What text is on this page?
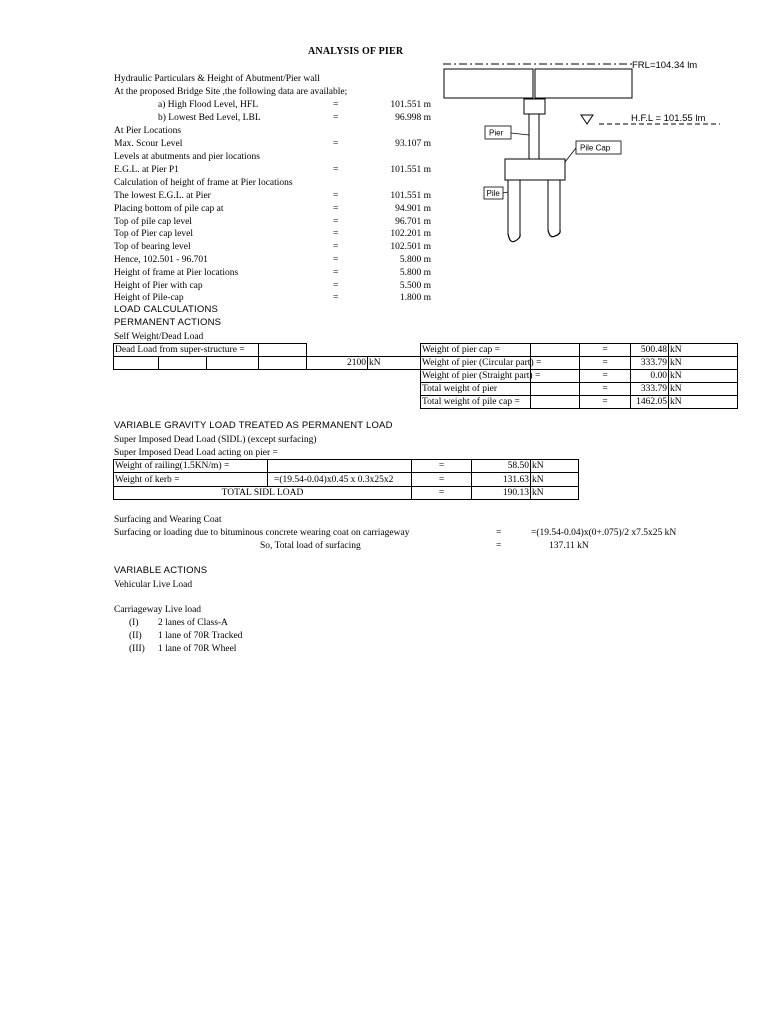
ANALYSIS OF PIER
Hydraulic Particulars & Height of Abutment/Pier wall
At the proposed Bridge Site ,the following data are available;
a) High Flood Level, HFL	=	101.551 m
b) Lowest Bed Level, LBL	=	96.998 m
At Pier Locations
Max. Scour Level	=	93.107 m
Levels at abutments and pier locations
E.G.L. at Pier P1	=	101.551 m
Calculation of height of frame at Pier locations
The lowest E.G.L. at Pier	=	101.551 m
Placing bottom of pile cap at	=	94.901 m
Top of pile cap level	=	96.701 m
Top of Pier cap level	=	102.201 m
Top of bearing level	=	102.501 m
Hence, 102.501 - 96.701	=	5.800 m
Height of frame at Pier locations	=	5.800 m
Height of Pier with cap	=	5.500 m
Height of Pile-cap	=	1.800 m
FRL=104.34 lm
H.F.L = 101.55 lm
Pier
Pile Cap
Pile
LOAD CALCULATIONS
PERMANENT ACTIONS
Self Weight/Dead Load
Dead Load from super-structure =
2100 kN
Weight of pier cap =	=	500.48 kN
Weight of pier (Circular part) =	=	333.79 kN
Weight of pier (Straight part) =	=	0.00 kN
Total weight of pier	=	333.79 kN
Total weight of pile cap =	=	1462.05 kN
VARIABLE GRAVITY LOAD TREATED AS PERMANENT LOAD
Super Imposed Dead Load (SIDL) (except surfacing)
Super Imposed Dead Load acting on pier =
Weight of railing(1.5KN/m) =	=	58.50 kN
Weight of kerb =	=(19.54-0.04)x0.45 x 0.3x25x2	=	131.63 kN
TOTAL SIDL LOAD	=	190.13 kN
Surfacing and Wearing Coat
Surfacing or loading due to bituminous concrete wearing coat on carriageway	=	=(19.54-0.04)x(0+.075)/2 x7.5x25 kN
So, Total load of surfacing	=	137.11 kN
VARIABLE ACTIONS
Vehicular Live Load
Carriageway Live load
(I) 2 lanes of Class-A
(II) 1 lane of 70R Tracked
(III) 1 lane of 70R Wheel
